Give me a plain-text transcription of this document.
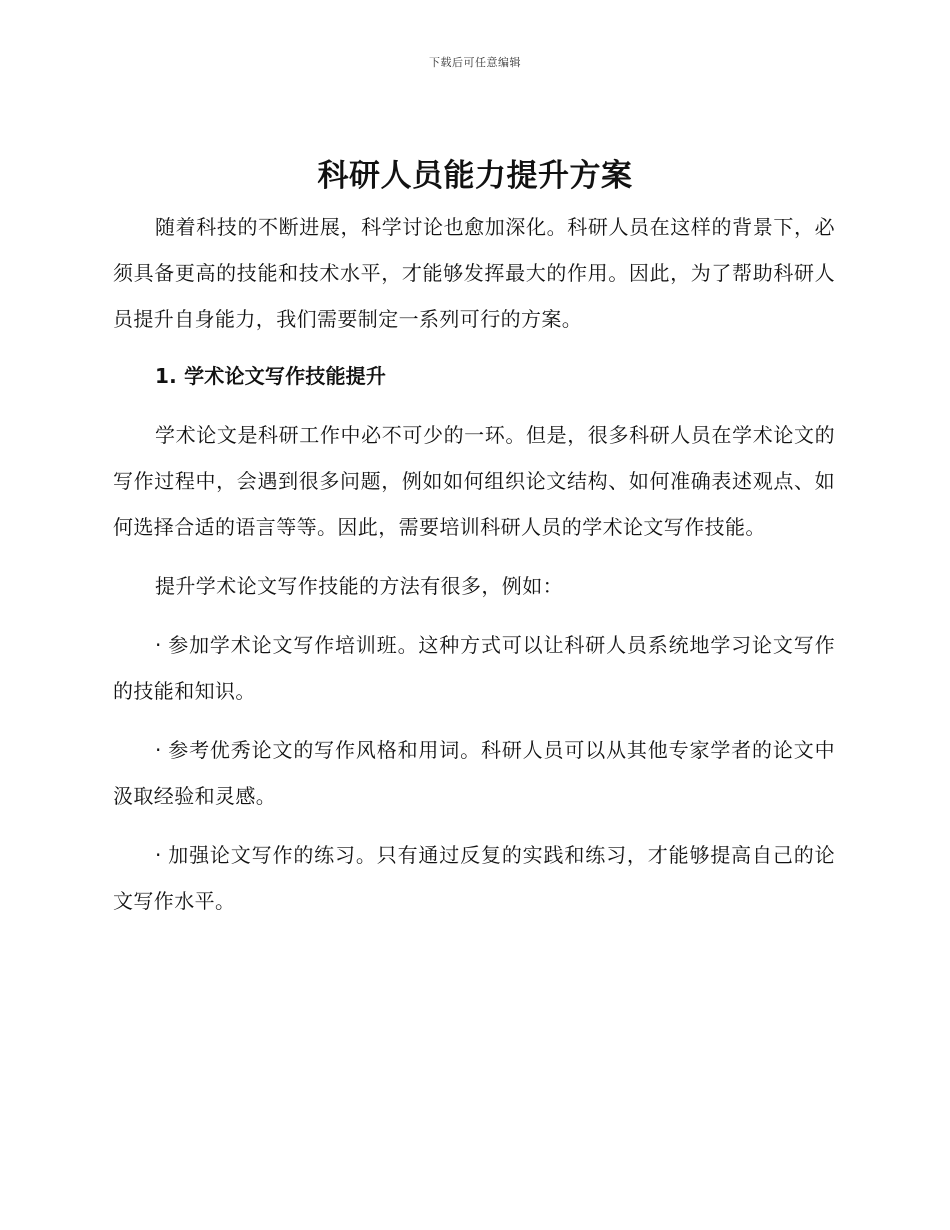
下载后可任意编辑
科研人员能力提升方案

随着科技的不断进展，科学讨论也愈加深化。科研人员在这样的背景下，必须具备更高的技能和技术水平，才能够发挥最大的作用。因此，为了帮助科研人员提升自身能力，我们需要制定一系列可行的方案。

1. 学术论文写作技能提升

学术论文是科研工作中必不可少的一环。但是，很多科研人员在学术论文的写作过程中，会遇到很多问题，例如如何组织论文结构、如何准确表述观点、如何选择合适的语言等等。因此，需要培训科研人员的学术论文写作技能。

提升学术论文写作技能的方法有很多，例如：

· 参加学术论文写作培训班。这种方式可以让科研人员系统地学习论文写作的技能和知识。

· 参考优秀论文的写作风格和用词。科研人员可以从其他专家学者的论文中汲取经验和灵感。

· 加强论文写作的练习。只有通过反复的实践和练习，才能够提高自己的论文写作水平。
